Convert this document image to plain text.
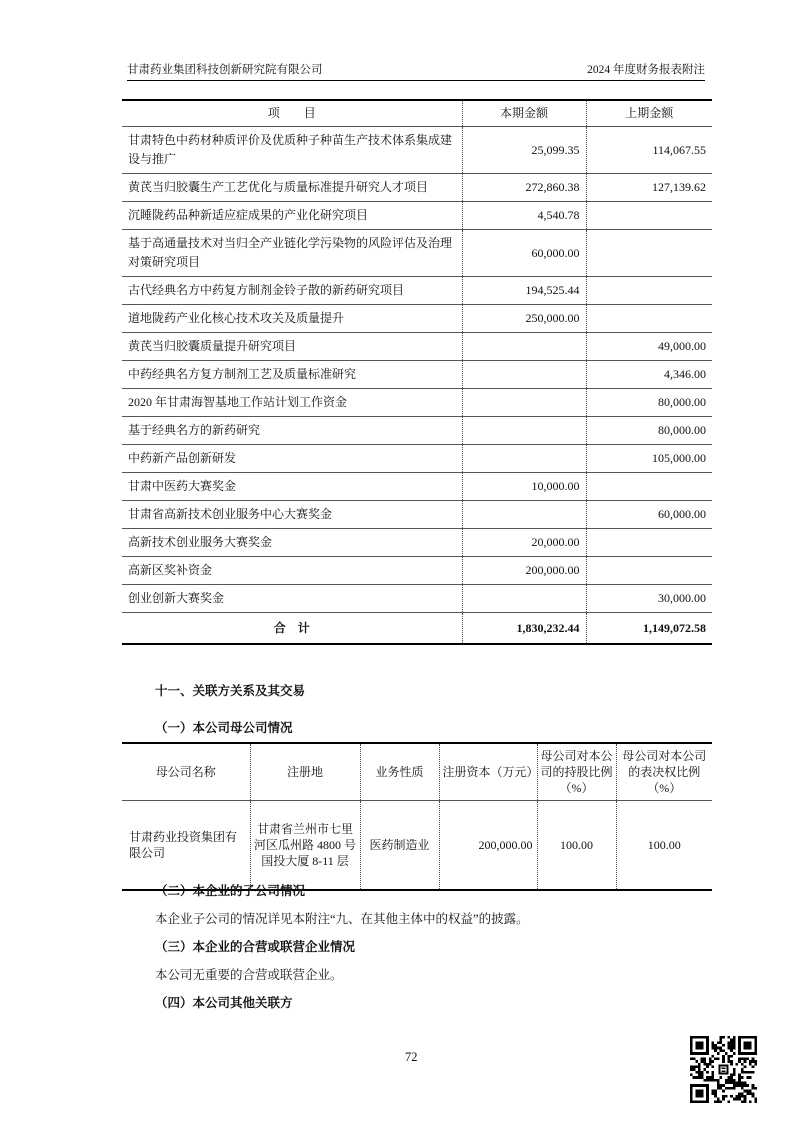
甘肃药业集团科技创新研究院有限公司	2024 年度财务报表附注
项　　目	本期金额	上期金额
甘肃特色中药材种质评价及优质种子种苗生产技术体系集成建设与推广	25,099.35	114,067.55
黄芪当归胶囊生产工艺优化与质量标准提升研究人才项目	272,860.38	127,139.62
沉睡陇药品种新适应症成果的产业化研究项目	4,540.78	
基于高通量技术对当归全产业链化学污染物的风险评估及治理对策研究项目	60,000.00	
古代经典名方中药复方制剂金铃子散的新药研究项目	194,525.44	
道地陇药产业化核心技术攻关及质量提升	250,000.00	
黄芪当归胶囊质量提升研究项目		49,000.00
中药经典名方复方制剂工艺及质量标准研究		4,346.00
2020 年甘肃海智基地工作站计划工作资金		80,000.00
基于经典名方的新药研究		80,000.00
中药新产品创新研发		105,000.00
甘肃中医药大赛奖金	10,000.00	
甘肃省高新技术创业服务中心大赛奖金		60,000.00
高新技术创业服务大赛奖金	20,000.00	
高新区奖补资金	200,000.00	
创业创新大赛奖金		30,000.00
合　计	1,830,232.44	1,149,072.58
十一、关联方关系及其交易
（一）本公司母公司情况
母公司名称	注册地	业务性质	注册资本（万元）	母公司对本公司的持股比例（%）	母公司对本公司的表决权比例（%）
甘肃药业投资集团有限公司	甘肃省兰州市七里河区瓜州路 4800 号国投大厦 8-11 层	医药制造业	200,000.00	100.00	100.00
（二）本企业的子公司情况
本企业子公司的情况详见本附注“九、在其他主体中的权益”的披露。
（三）本企业的合营或联营企业情况
本公司无重要的合营或联营企业。
（四）本公司其他关联方
72
